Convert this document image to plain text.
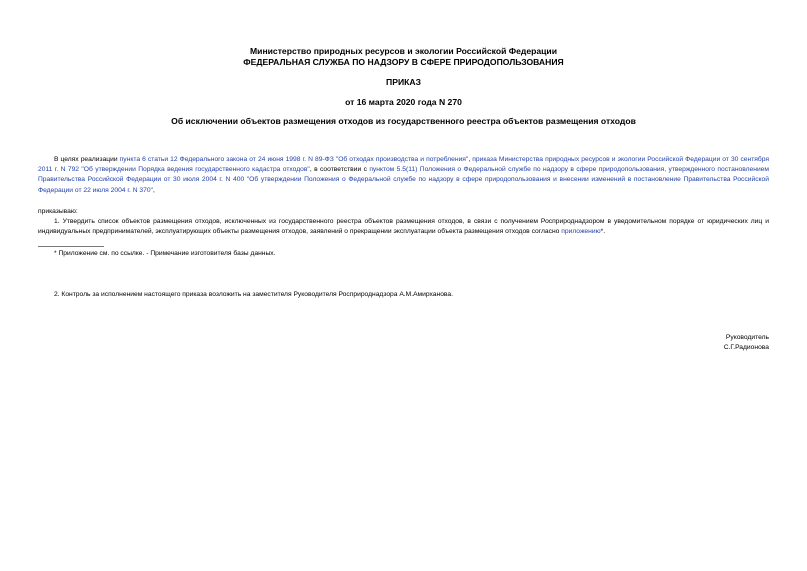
Министерство природных ресурсов и экологии Российской Федерации
ФЕДЕРАЛЬНАЯ СЛУЖБА ПО НАДЗОРУ В СФЕРЕ ПРИРОДОПОЛЬЗОВАНИЯ
ПРИКАЗ
от 16 марта 2020 года N 270
Об исключении объектов размещения отходов из государственного реестра объектов размещения отходов
В целях реализации пункта 6 статьи 12 Федерального закона от 24 июня 1998 г. N 89-ФЗ "Об отходах производства и потребления", приказа Министерства природных ресурсов и экологии Российской Федерации от 30 сентября 2011 г. N 792 "Об утверждении Порядка ведения государственного кадастра отходов", в соответствии с пунктом 5.5(11) Положения о Федеральной службе по надзору в сфере природопользования, утвержденного постановлением Правительства Российской Федерации от 30 июля 2004 г. N 400 "Об утверждении Положения о Федеральной службе по надзору в сфере природопользования и внесении изменений в постановление Правительства Российской Федерации от 22 июля 2004 г. N 370",
приказываю:
1. Утвердить список объектов размещения отходов, исключенных из государственного реестра объектов размещения отходов, в связи с получением Росприроднадзором в уведомительном порядке от юридических лиц и индивидуальных предпринимателей, эксплуатирующих объекты размещения отходов, заявлений о прекращении эксплуатации объекта размещения отходов согласно приложению*.
* Приложение см. по ссылке. - Примечание изготовителя базы данных.
2. Контроль за исполнением настоящего приказа возложить на заместителя Руководителя Росприроднадзора А.М.Амирханова.
Руководитель
С.Г.Радионова
